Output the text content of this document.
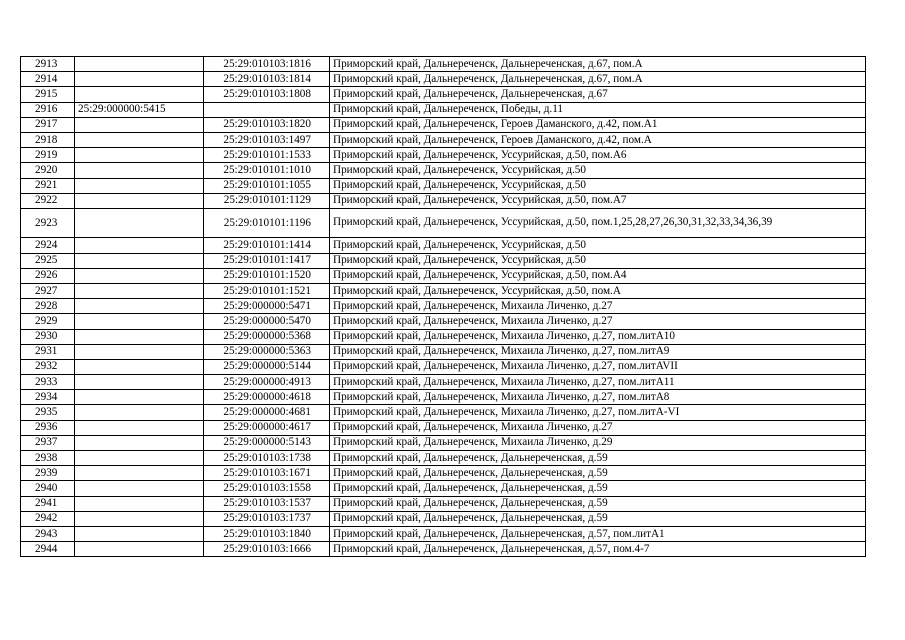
2913		25:29:010103:1816	Приморский край, Дальнереченск, Дальнереченская, д.67, пом.А
2914		25:29:010103:1814	Приморский край, Дальнереченск, Дальнереченская, д.67, пом.А
2915		25:29:010103:1808	Приморский край, Дальнереченск, Дальнереченская, д.67
2916	25:29:000000:5415		Приморский край, Дальнереченск, Победы, д.11
2917		25:29:010103:1820	Приморский край, Дальнереченск, Героев Даманского, д.42, пом.А1
2918		25:29:010103:1497	Приморский край, Дальнереченск, Героев Даманского, д.42, пом.А
2919		25:29:010101:1533	Приморский край, Дальнереченск, Уссурийская, д.50, пом.А6
2920		25:29:010101:1010	Приморский край, Дальнереченск, Уссурийская, д.50
2921		25:29:010101:1055	Приморский край, Дальнереченск, Уссурийская, д.50
2922		25:29:010101:1129	Приморский край, Дальнереченск, Уссурийская, д.50, пом.А7
2923		25:29:010101:1196	Приморский край, Дальнереченск, Уссурийская, д.50, пом.1,25,28,27,26,30,31,32,33,34,36,39
2924		25:29:010101:1414	Приморский край, Дальнереченск, Уссурийская, д.50
2925		25:29:010101:1417	Приморский край, Дальнереченск, Уссурийская, д.50
2926		25:29:010101:1520	Приморский край, Дальнереченск, Уссурийская, д.50, пом.А4
2927		25:29:010101:1521	Приморский край, Дальнереченск, Уссурийская, д.50, пом.А
2928		25:29:000000:5471	Приморский край, Дальнереченск, Михаила Личенко, д.27
2929		25:29:000000:5470	Приморский край, Дальнереченск, Михаила Личенко, д.27
2930		25:29:000000:5368	Приморский край, Дальнереченск, Михаила Личенко, д.27, пом.литА10
2931		25:29:000000:5363	Приморский край, Дальнереченск, Михаила Личенко, д.27, пом.литА9
2932		25:29:000000:5144	Приморский край, Дальнереченск, Михаила Личенко, д.27, пом.литAVII
2933		25:29:000000:4913	Приморский край, Дальнереченск, Михаила Личенко, д.27, пом.литА11
2934		25:29:000000:4618	Приморский край, Дальнереченск, Михаила Личенко, д.27, пом.литА8
2935		25:29:000000:4681	Приморский край, Дальнереченск, Михаила Личенко, д.27, пом.литА-VI
2936		25:29:000000:4617	Приморский край, Дальнереченск, Михаила Личенко, д.27
2937		25:29:000000:5143	Приморский край, Дальнереченск, Михаила Личенко, д.29
2938		25:29:010103:1738	Приморский край, Дальнереченск, Дальнереченская, д.59
2939		25:29:010103:1671	Приморский край, Дальнереченск, Дальнереченская, д.59
2940		25:29:010103:1558	Приморский край, Дальнереченск, Дальнереченская, д.59
2941		25:29:010103:1537	Приморский край, Дальнереченск, Дальнереченская, д.59
2942		25:29:010103:1737	Приморский край, Дальнереченск, Дальнереченская, д.59
2943		25:29:010103:1840	Приморский край, Дальнереченск, Дальнереченская, д.57, пом.литА1
2944		25:29:010103:1666	Приморский край, Дальнереченск, Дальнереченская, д.57, пом.4-7
